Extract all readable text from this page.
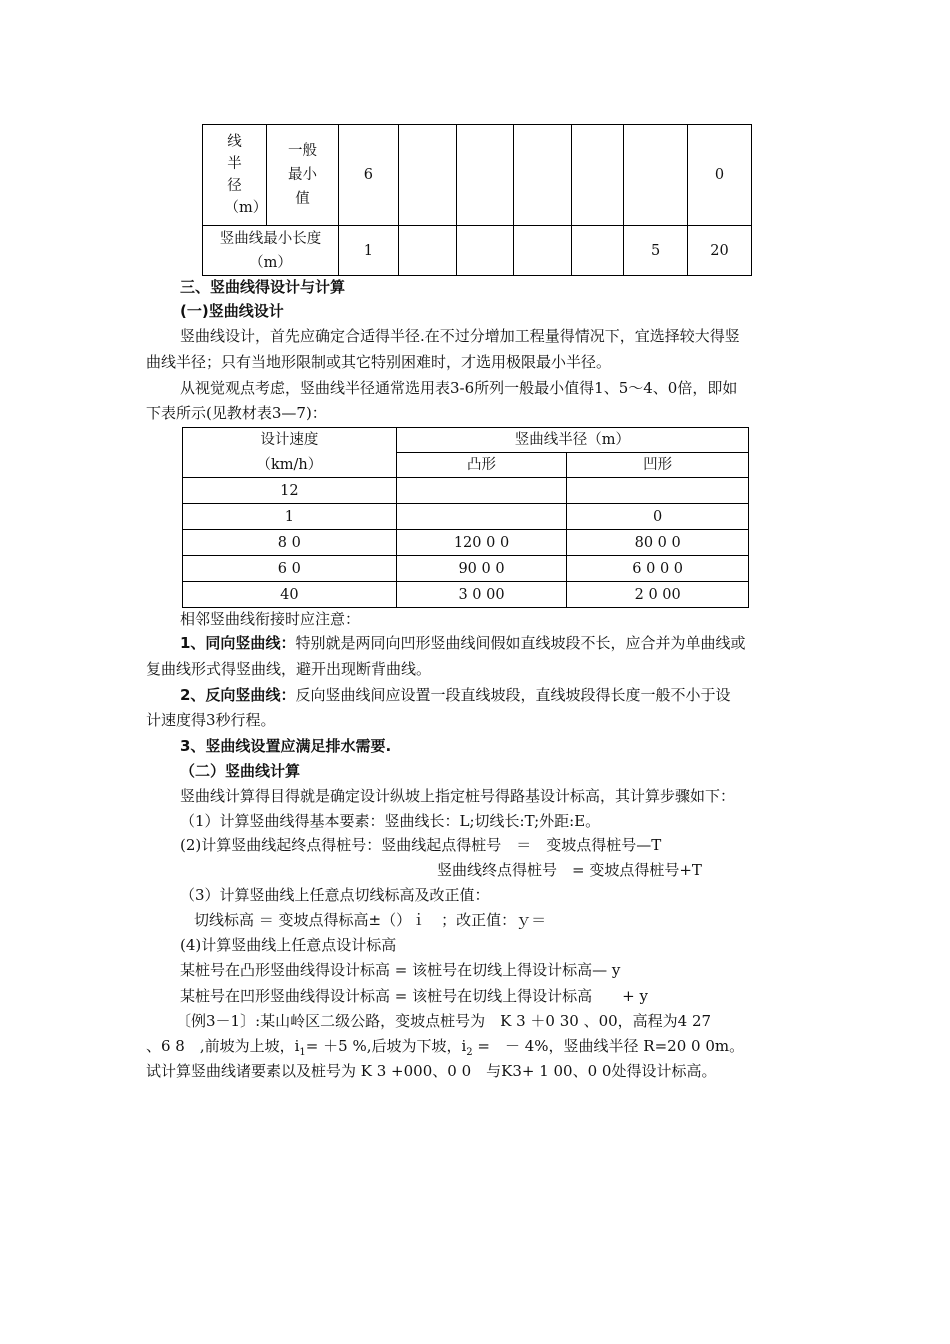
线半径（m）	一般最小值	6						0

竖曲线最小长度（m）		1					5	20
三、竖曲线得设计与计算
(一)竖曲线设计
竖曲线设计，首先应确定合适得半径.在不过分增加工程量得情况下，宜选择较大得竖
曲线半径；只有当地形限制或其它特别困难时，才选用极限最小半径。
从视觉观点考虑，竖曲线半径通常选用表3-6所列一般最小值得1、5～4、0倍，即如
下表所示(见教材表3—7)：
设计速度	竖曲线半径（m）	
（km/h）	凸形	凹形
12		
1		0
8 0	120 0 0	80 0 0
6 0	90 0 0	6 0 0 0
40	3 0 00	2 0 00
相邻竖曲线衔接时应注意：
1、同向竖曲线：特别就是两同向凹形竖曲线间假如直线坡段不长，应合并为单曲线或
复曲线形式得竖曲线，避开出现断背曲线。
2、反向竖曲线：反向竖曲线间应设置一段直线坡段，直线坡段得长度一般不小于设
计速度得3秒行程。
3、竖曲线设置应满足排水需要.
（二）竖曲线计算
竖曲线计算得目得就是确定设计纵坡上指定桩号得路基设计标高，其计算步骤如下：
（1）计算竖曲线得基本要素：竖曲线长：L;切线长:T;外距:E。
(2)计算竖曲线起终点得桩号：竖曲线起点得桩号　＝　变坡点得桩号—T
竖曲线终点得桩号　= 变坡点得桩号+T
（3）计算竖曲线上任意点切线标高及改正值：
切线标高 ＝ 变坡点得标高±（）ｉ　；改正值：ｙ＝
(4)计算竖曲线上任意点设计标高
某桩号在凸形竖曲线得设计标高 = 该桩号在切线上得设计标高— y
某桩号在凹形竖曲线得设计标高 = 该桩号在切线上得设计标高　　+ y
〔例3－1〕:某山岭区二级公路，变坡点桩号为　K 3 ＋0 30 、00，高程为4 27
、6 8　,前坡为上坡，$i_1= +5$ %,后坡为下坡，$i_2$ =　－ 4%，竖曲线半径 R=20 0 0m。
试计算竖曲线诸要素以及桩号为 K 3 +000、0 0　与K3+ 1 00、0 0处得设计标高。
